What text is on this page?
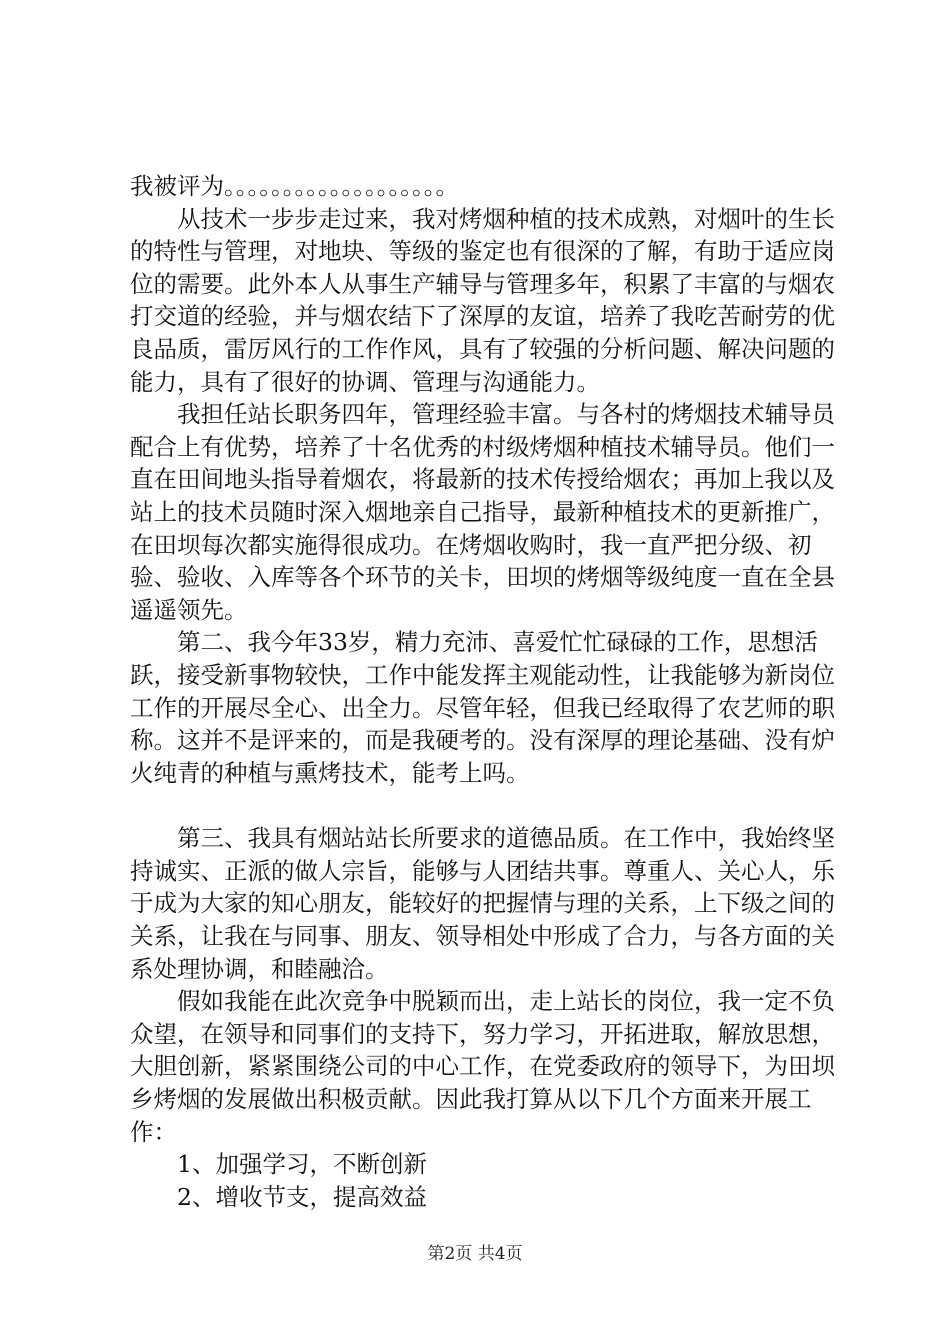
我被评为。。。。。。。。。。。。。。。。。。。

从技术一步步走过来，我对烤烟种植的技术成熟，对烟叶的生长的特性与管理，对地块、等级的鉴定也有很深的了解，有助于适应岗位的需要。此外本人从事生产辅导与管理多年，积累了丰富的与烟农打交道的经验，并与烟农结下了深厚的友谊，培养了我吃苦耐劳的优良品质，雷厉风行的工作作风，具有了较强的分析问题、解决问题的能力，具有了很好的协调、管理与沟通能力。

我担任站长职务四年，管理经验丰富。与各村的烤烟技术辅导员配合上有优势，培养了十名优秀的村级烤烟种植技术辅导员。他们一直在田间地头指导着烟农，将最新的技术传授给烟农；再加上我以及站上的技术员随时深入烟地亲自己指导，最新种植技术的更新推广，在田坝每次都实施得很成功。在烤烟收购时，我一直严把分级、初验、验收、入库等各个环节的关卡，田坝的烤烟等级纯度一直在全县遥遥领先。

第二、我今年33岁，精力充沛、喜爱忙忙碌碌的工作，思想活跃，接受新事物较快，工作中能发挥主观能动性，让我能够为新岗位工作的开展尽全心、出全力。尽管年轻，但我已经取得了农艺师的职称。这并不是评来的，而是我硬考的。没有深厚的理论基础、没有炉火纯青的种植与熏烤技术，能考上吗。

第三、我具有烟站站长所要求的道德品质。在工作中，我始终坚持诚实、正派的做人宗旨，能够与人团结共事。尊重人、关心人，乐于成为大家的知心朋友，能较好的把握情与理的关系，上下级之间的关系，让我在与同事、朋友、领导相处中形成了合力，与各方面的关系处理协调，和睦融洽。

假如我能在此次竞争中脱颖而出，走上站长的岗位，我一定不负众望，在领导和同事们的支持下，努力学习，开拓进取，解放思想，大胆创新，紧紧围绕公司的中心工作，在党委政府的领导下，为田坝乡烤烟的发展做出积极贡献。因此我打算从以下几个方面来开展工作：

1、加强学习，不断创新

2、增收节支，提高效益

第2页 共4页
